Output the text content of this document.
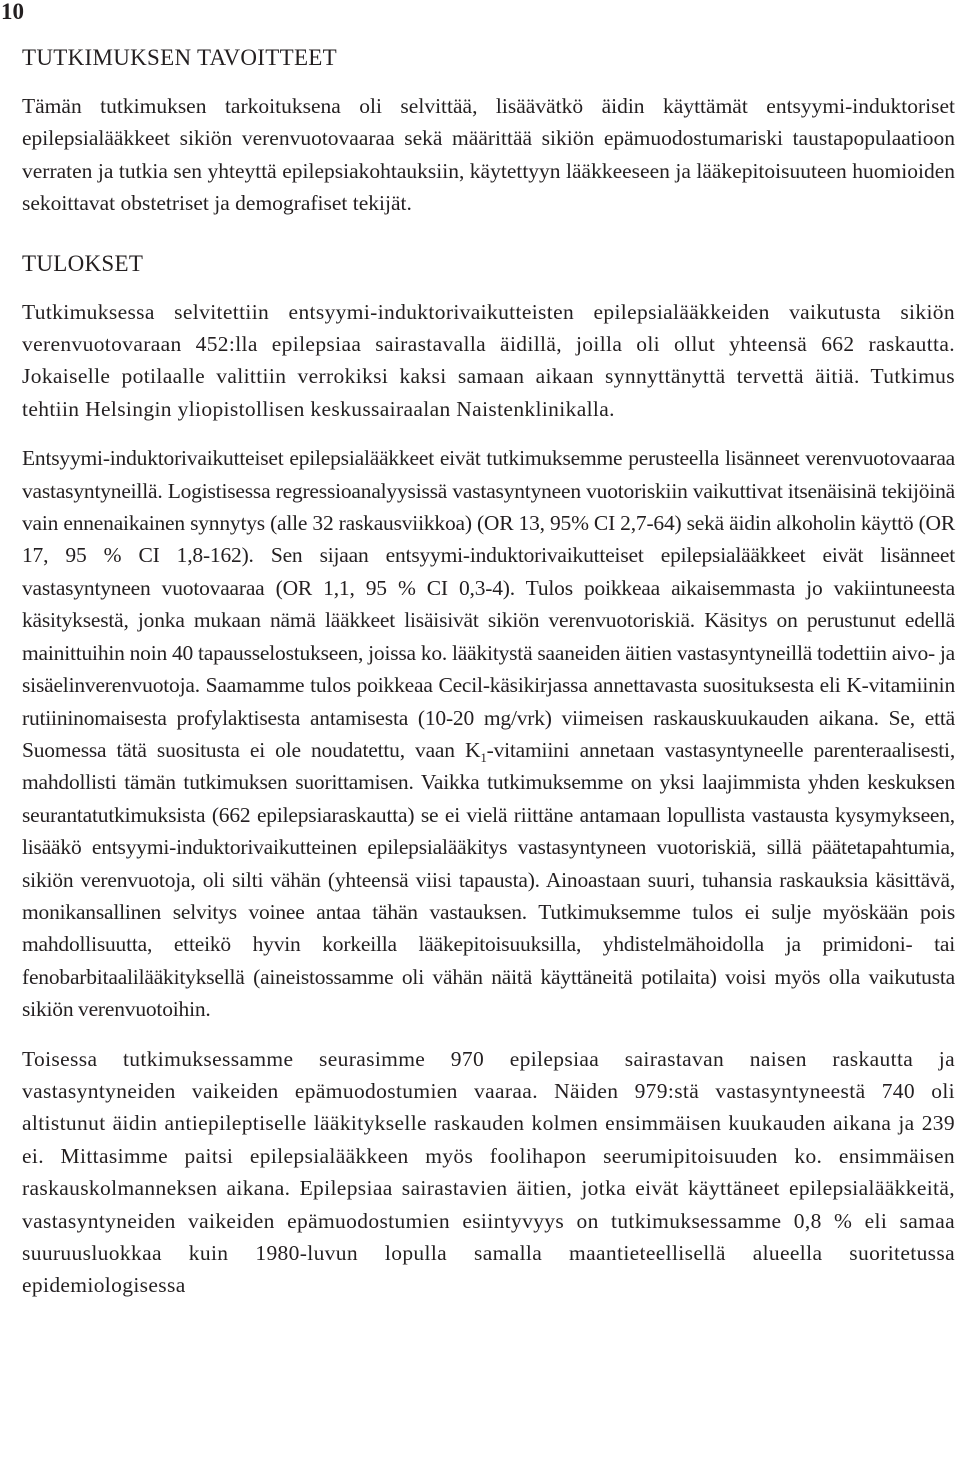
10
TUTKIMUKSEN TAVOITTEET

Tämän tutkimuksen tarkoituksena oli selvittää, lisäävätkö äidin käyttämät entsyymi-induktoriset epilepsialääkkeet sikiön verenvuotovaaraa sekä määrittää sikiön epämuodostumariski taustapopulaatioon verraten ja tutkia sen yhteyttä epilepsiakohtauksiin, käytettyyn lääkkeeseen ja lääkepitoisuuteen huomioiden sekoittavat obstetriset ja demografiset tekijät.

TULOKSET

Tutkimuksessa selvitettiin entsyymi-induktorivaikutteisten epilepsialääkkeiden vaikutusta sikiön verenvuotovaraan 452:lla epilepsiaa sairastavalla äidillä, joilla oli ollut yhteensä 662 raskautta. Jokaiselle potilaalle valittiin verrokiksi kaksi samaan aikaan synnyttänyttä tervettä äitiä. Tutkimus tehtiin Helsingin yliopistollisen keskussairaalan Naistenklinikalla.

Entsyymi-induktorivaikutteiset epilepsialääkkeet eivät tutkimuksemme perusteella lisänneet verenvuotovaaraa vastasyntyneillä. Logistisessa regressioanalyysissä vastasyntyneen vuotoriskiin vaikuttivat itsenäisinä tekijöinä vain ennenaikainen synnytys (alle 32 raskausviikkoa) (OR 13, 95% CI 2,7-64) sekä äidin alkoholin käyttö (OR 17, 95 % CI 1,8-162). Sen sijaan entsyymi-induktorivaikutteiset epilepsialääkkeet eivät lisänneet vastasyntyneen vuotovaaraa (OR 1,1, 95 % CI 0,3-4). Tulos poikkeaa aikaisemmasta jo vakiintuneesta käsityksestä, jonka mukaan nämä lääkkeet lisäisivät sikiön verenvuotoriskiä. Käsitys on perustunut edellä mainittuihin noin 40 tapausselostukseen, joissa ko. lääkitystä saaneiden äitien vastasyntyneillä todettiin aivo- ja sisäelinverenvuotoja. Saamamme tulos poikkeaa Cecil-käsikirjassa annettavasta suosituksesta eli K-vitamiinin rutiininomaisesta profylaktisesta antamisesta (10-20 mg/vrk) viimeisen raskauskuukauden aikana. Se, että Suomessa tätä suositusta ei ole noudatettu, vaan $K_1$-vitamiini annetaan vastasyntyneelle parenteraalisesti, mahdollisti tämän tutkimuksen suorittamisen. Vaikka tutkimuksemme on yksi laajimmista yhden keskuksen seurantatutkimuksista (662 epilepsiaraskautta) se ei vielä riittäne antamaan lopullista vastausta kysymykseen, lisääkö entsyymi-induktorivaikutteinen epilepsialääkitys vastasyntyneen vuotoriskiä, sillä päätetapahtumia, sikiön verenvuotoja, oli silti vähän (yhteensä viisi tapausta). Ainoastaan suuri, tuhansia raskauksia käsittävä, monikansallinen selvitys voinee antaa tähän vastauksen. Tutkimuksemme tulos ei sulje myöskään pois mahdollisuutta, etteikö hyvin korkeilla lääkepitoisuuksilla, yhdistelmähoidolla ja primidoni- tai fenobarbitaalilääkityksellä (aineistossamme oli vähän näitä käyttäneitä potilaita) voisi myös olla vaikutusta sikiön verenvuotoihin.

Toisessa tutkimuksessamme seurasimme 970 epilepsiaa sairastavan naisen raskautta ja vastasyntyneiden vaikeiden epämuodostumien vaaraa. Näiden 979:stä vastasyntyneestä 740 oli altistunut äidin antiepileptiselle lääkitykselle raskauden kolmen ensimmäisen kuukauden aikana ja 239 ei. Mittasimme paitsi epilepsialääkkeen myös foolihapon seerumipitoisuuden ko. ensimmäisen raskauskolmanneksen aikana. Epilepsiaa sairastavien äitien, jotka eivät käyttäneet epilepsialääkkeitä, vastasyntyneiden vaikeiden epämuodostumien esiintyvyys on tutkimuksessamme 0,8 % eli samaa suuruusluokkaa kuin 1980-luvun lopulla samalla maantieteellisellä alueella suoritetussa epidemiologisessa
